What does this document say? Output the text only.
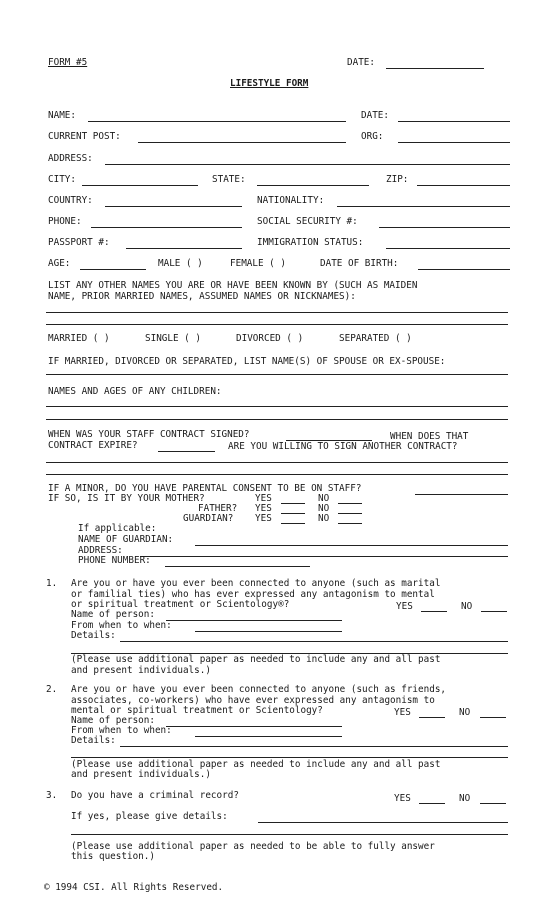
FORM #5	DATE:
LIFESTYLE FORM
NAME:	DATE:
CURRENT POST:	ORG:
ADDRESS:
CITY:	STATE:	ZIP:
COUNTRY:	NATIONALITY:
PHONE:	SOCIAL SECURITY #:
PASSPORT #:	IMMIGRATION STATUS:
AGE:	MALE ( )	FEMALE ( )	DATE OF BIRTH:
LIST ANY OTHER NAMES YOU ARE OR HAVE BEEN KNOWN BY (SUCH AS MAIDEN
NAME, PRIOR MARRIED NAMES, ASSUMED NAMES OR NICKNAMES):
MARRIED ( )	SINGLE ( )	DIVORCED ( )	SEPARATED ( )
IF MARRIED, DIVORCED OR SEPARATED, LIST NAME(S) OF SPOUSE OR EX-SPOUSE:
NAMES AND AGES OF ANY CHILDREN:
WHEN WAS YOUR STAFF CONTRACT SIGNED?	WHEN DOES THAT
CONTRACT EXPIRE?	ARE YOU WILLING TO SIGN ANOTHER CONTRACT?
IF A MINOR, DO YOU HAVE PARENTAL CONSENT TO BE ON STAFF?
IF SO, IS IT BY YOUR MOTHER?	YES	NO
FATHER? YES	NO
GUARDIAN? YES	NO
If applicable:
NAME OF GUARDIAN:
ADDRESS:
PHONE NUMBER:
1. Are you or have you ever been connected to anyone (such as marital
or familial ties) who has ever expressed any antagonism to mental
or spiritual treatment or Scientology®?	YES	NO
Name of person:
From when to when:
Details:
(Please use additional paper as needed to include any and all past
and present individuals.)
2. Are you or have you ever been connected to anyone (such as friends,
associates, co-workers) who have ever expressed any antagonism to
mental or spiritual treatment or Scientology?	YES	NO
Name of person:
From when to when:
Details:
(Please use additional paper as needed to include any and all past
and present individuals.)
3. Do you have a criminal record?	YES	NO
If yes, please give details:
(Please use additional paper as needed to be able to fully answer
this question.)
© 1994 CSI. All Rights Reserved.
